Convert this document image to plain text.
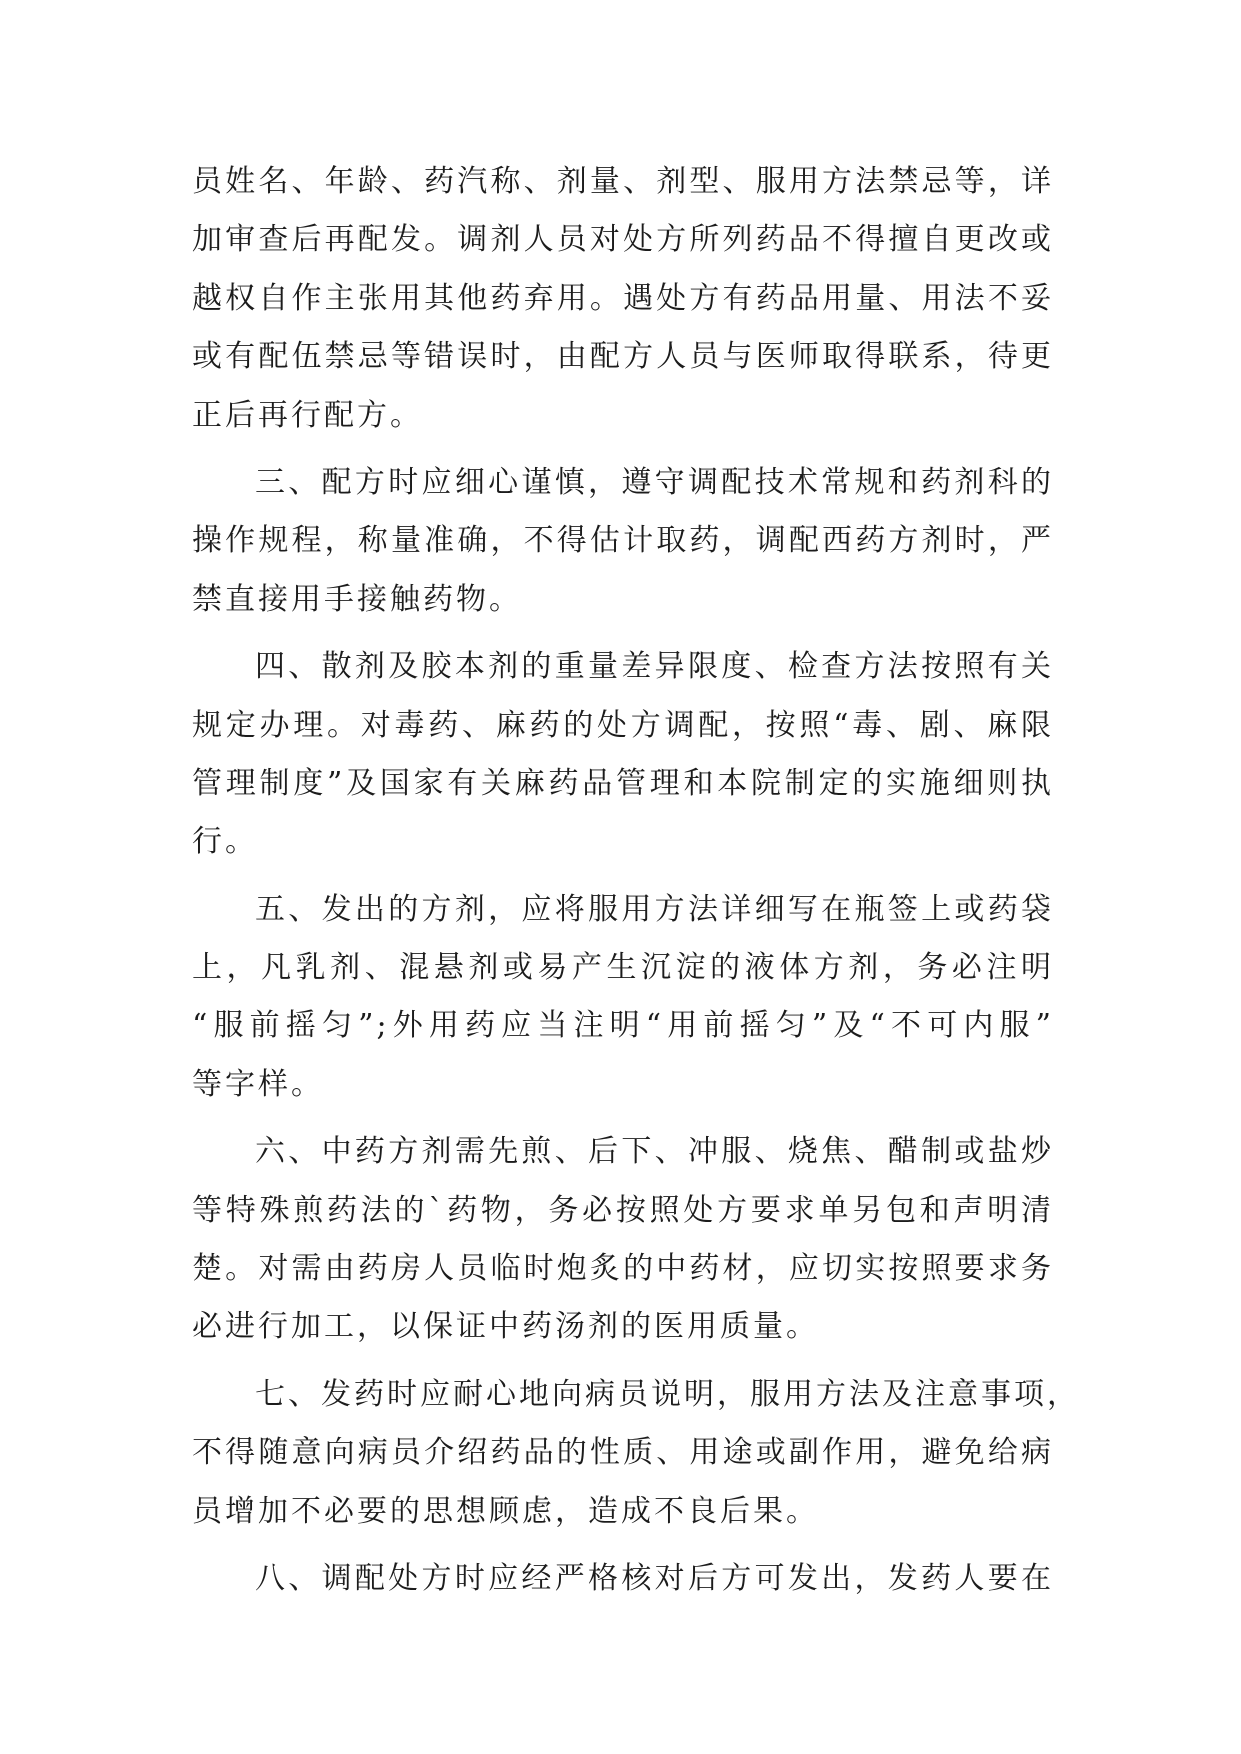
员姓名、年龄、药汽称、剂量、剂型、服用方法禁忌等，详
加审查后再配发。调剂人员对处方所列药品不得擅自更改或
越权自作主张用其他药弃用。遇处方有药品用量、用法不妥
或有配伍禁忌等错误时，由配方人员与医师取得联系，待更
正后再行配方。
三、配方时应细心谨慎，遵守调配技术常规和药剂科的
操作规程，称量准确，不得估计取药，调配西药方剂时，严
禁直接用手接触药物。
四、散剂及胶本剂的重量差异限度、检查方法按照有关
规定办理。对毒药、麻药的处方调配，按照“毒、剧、麻限
管理制度”及国家有关麻药品管理和本院制定的实施细则执
行。
五、发出的方剂，应将服用方法详细写在瓶签上或药袋
上，凡乳剂、混悬剂或易产生沉淀的液体方剂，务必注明
“服前摇匀”;外用药应当注明“用前摇匀”及“不可内服”
等字样。
六、中药方剂需先煎、后下、冲服、烧焦、醋制或盐炒
等特殊煎药法的`药物，务必按照处方要求单另包和声明清
楚。对需由药房人员临时炮炙的中药材，应切实按照要求务
必进行加工，以保证中药汤剂的医用质量。
七、发药时应耐心地向病员说明，服用方法及注意事项，
不得随意向病员介绍药品的性质、用途或副作用，避免给病
员增加不必要的思想顾虑，造成不良后果。
八、调配处方时应经严格核对后方可发出，发药人要在
